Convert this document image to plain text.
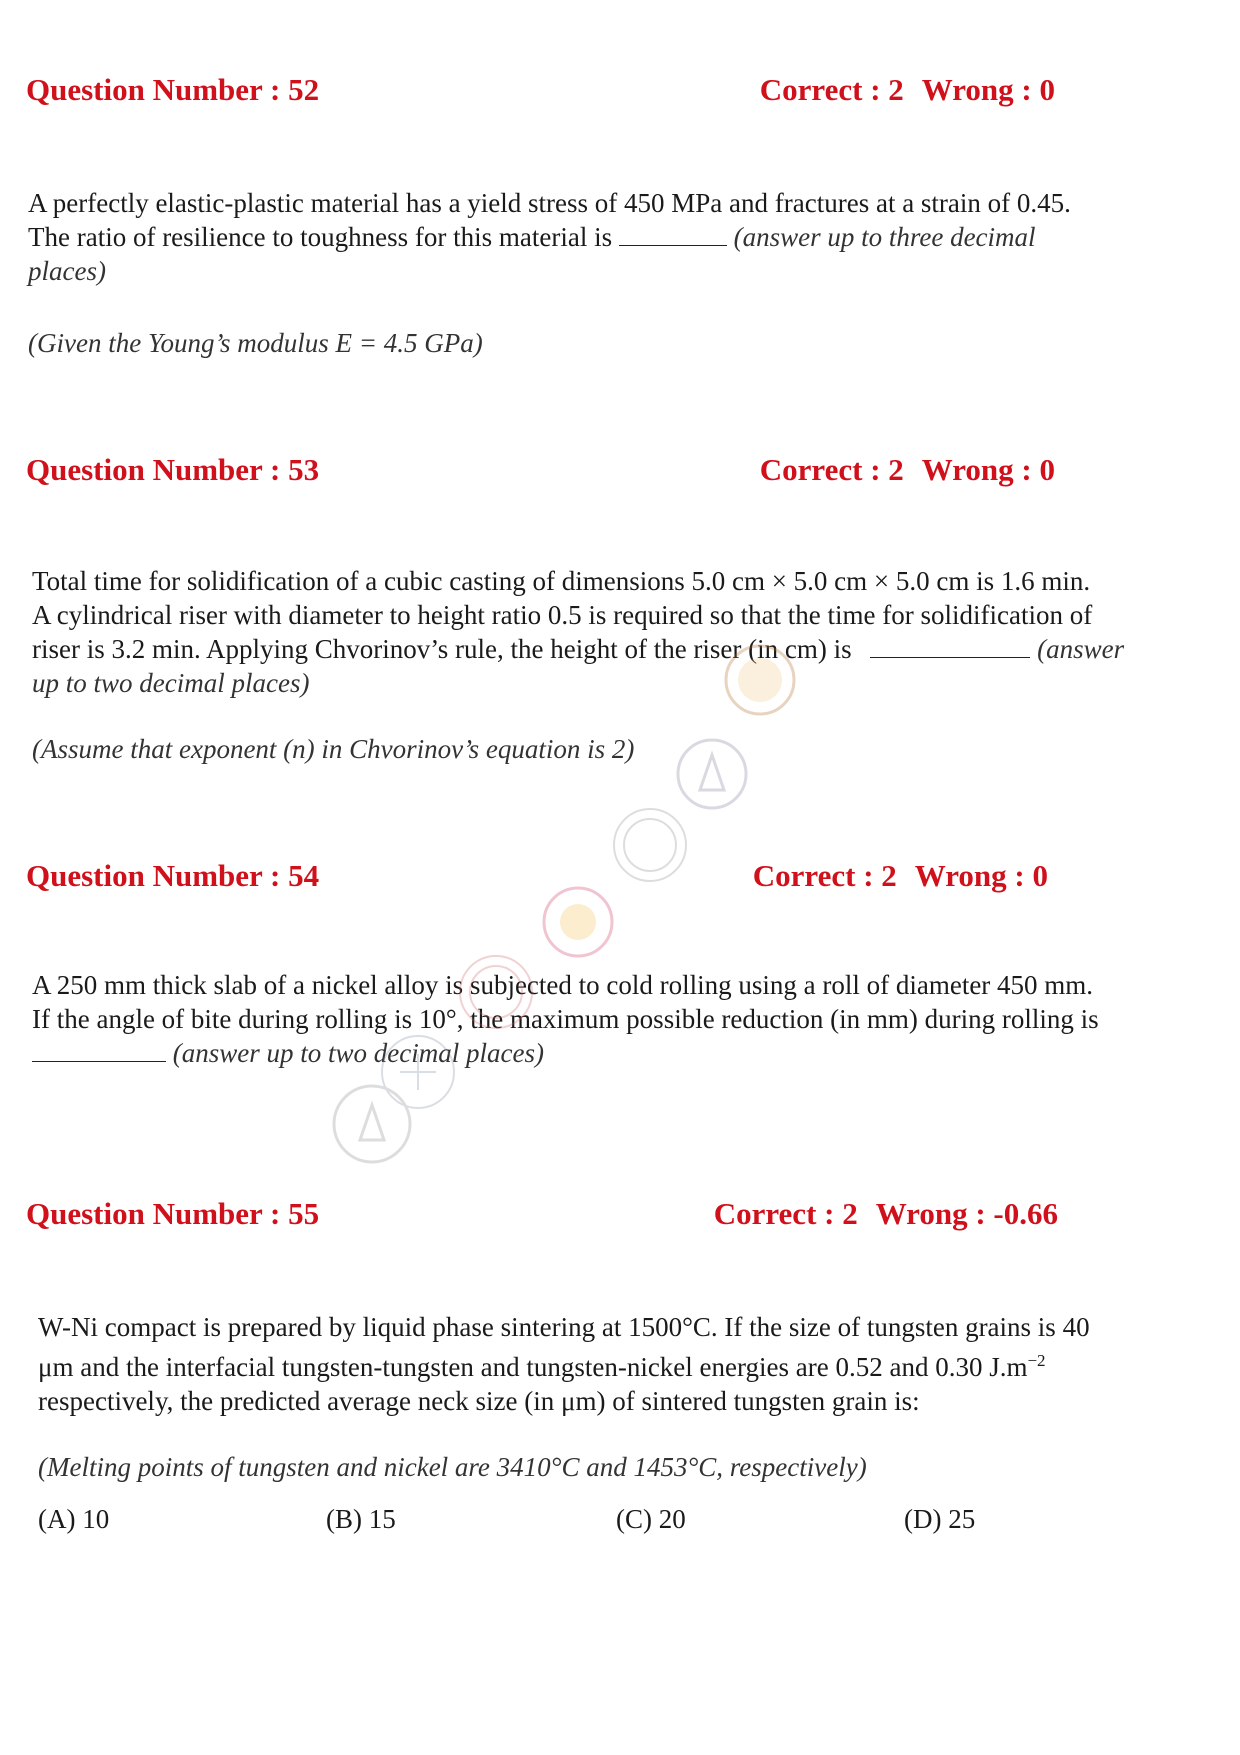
Question Number : 52	Correct : 2 Wrong : 0
A perfectly elastic-plastic material has a yield stress of 450 MPa and fractures at a strain of 0.45.
The ratio of resilience to toughness for this material is	(answer up to three decimal
places)
(Given the Young’s modulus E = 4.5 GPa)
Question Number : 53	Correct : 2 Wrong : 0
Total time for solidification of a cubic casting of dimensions 5.0 cm × 5.0 cm × 5.0 cm is 1.6 min.
A cylindrical riser with diameter to height ratio 0.5 is required so that the time for solidification of
riser is 3.2 min. Applying Chvorinov’s rule, the height of the riser (in cm) is	(answer
up to two decimal places)
(Assume that exponent (n) in Chvorinov’s equation is 2)
Question Number : 54	Correct : 2 Wrong : 0
A 250 mm thick slab of a nickel alloy is subjected to cold rolling using a roll of diameter 450 mm.
If the angle of bite during rolling is 10°, the maximum possible reduction (in mm) during rolling is
(answer up to two decimal places)
Question Number : 55	Correct : 2 Wrong : -0.66
W-Ni compact is prepared by liquid phase sintering at 1500°C. If the size of tungsten grains is 40
μm and the interfacial tungsten-tungsten and tungsten-nickel energies are 0.52 and 0.30 $J.m^{-2}$
respectively, the predicted average neck size (in μm) of sintered tungsten grain is:
(Melting points of tungsten and nickel are 3410°C and 1453°C, respectively)
(A) 10	(B) 15	(C) 20	(D) 25
